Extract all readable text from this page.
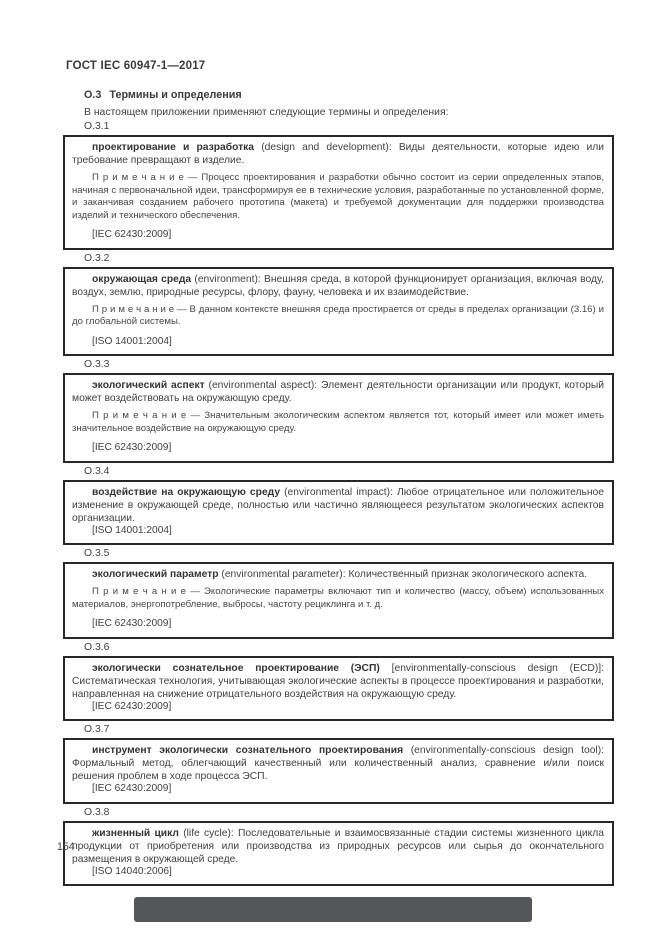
ГОСТ IEC 60947-1—2017
О.3 Термины и определения
В настоящем приложении применяют следующие термины и определения:
О.3.1

проектирование и разработка (design and development): Виды деятельности, которые идею или требование превращают в изделие.

П р и м е ч а н и е — Процесс проектирования и разработки обычно состоит из серии определенных этапов, начиная с первоначальной идеи, трансформируя ее в технические условия, разработанные по установленной форме, и заканчивая созданием рабочего прототипа (макета) и требуемой документации для поддержки производства изделий и технического обеспечения.

[IEC 62430:2009]

О.3.2

окружающая среда (environment): Внешняя среда, в которой функционирует организация, включая воду, воздух, землю, природные ресурсы, флору, фауну, человека и их взаимодействие.

П р и м е ч а н и е — В данном контексте внешняя среда простирается от среды в пределах организации (3.16) и до глобальной системы.

[ISO 14001:2004]

О.3.3

экологический аспект (environmental aspect): Элемент деятельности организации или продукт, который может воздействовать на окружающую среду.

П р и м е ч а н и е — Значительным экологическим аспектом является тот, который имеет или может иметь значительное воздействие на окружающую среду.

[IEC 62430:2009]

О.3.4

воздействие на окружающую среду (environmental impact): Любое отрицательное или положительное изменение в окружающей среде, полностью или частично являющееся результатом экологических аспектов организации.

[ISO 14001:2004]

О.3.5

экологический параметр (environmental parameter): Количественный признак экологического аспекта.

П р и м е ч а н и е — Экологические параметры включают тип и количество (массу, объем) использованных материалов, энергопотребление, выбросы, частоту рециклинга и т. д.

[IEC 62430:2009]

О.3.6

экологически сознательное проектирование (ЭСП) [environmentally-conscious design (ECD)]: Систематическая технология, учитывающая экологические аспекты в процессе проектирования и разработки, направленная на снижение отрицательного воздействия на окружающую среду.

[IEC 62430:2009]

О.3.7

инструмент экологически сознательного проектирования (environmentally-conscious design tool): Формальный метод, облегчающий качественный или количественный анализ, сравнение и/или поиск решения проблем в ходе процесса ЭСП.

[IEC 62430:2009]

О.3.8

жизненный цикл (life cycle): Последовательные и взаимосвязанные стадии системы жизненного цикла продукции от приобретения или производства из природных ресурсов или сырья до окончательного размещения в окружающей среде.

[ISO 14040:2006]

154
